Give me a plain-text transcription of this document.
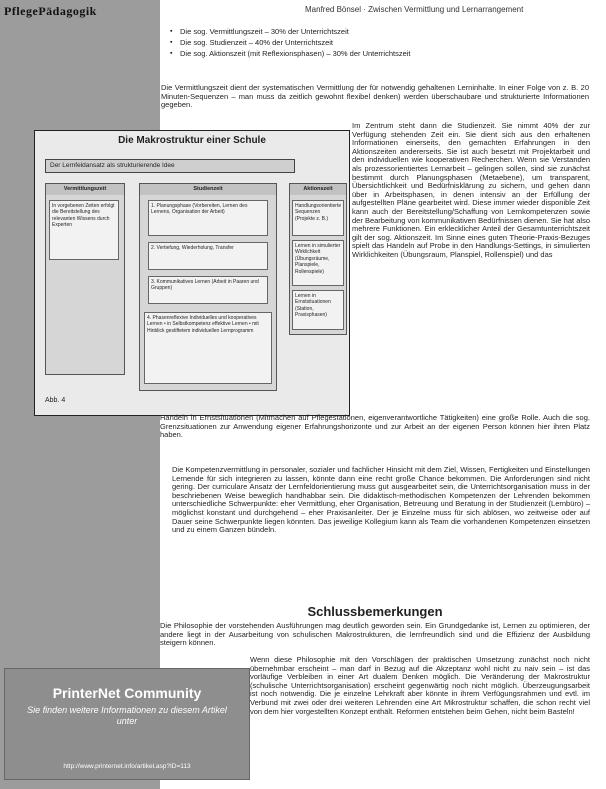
PflegePädagogik	Manfred Bönsel · Zwischen Vermittlung und Lernarrangement
▪ Die sog. Vermittlungszeit – 30% der Unterrichtszeit
▪ Die sog. Studienzeit – 40% der Unterrichtszeit
▪ Die sog. Aktionszeit (mit Reflexionsphasen) – 30% der Unterrichtszeit

Die Vermittlungszeit dient der systematischen Vermittlung der für notwendig gehaltenen Lerninhalte. In einer Folge von z. B. 20 Minuten-Sequenzen – man muss da zeitlich gewohnt flexibel denken) werden überschaubare und strukturierte Informationen gegeben.

Die Makrostruktur einer Schule
Der Lernfeldansatz als strukturierende Idee

Vermittlungszeit

In vorgebenen Zeiten erfolgt die Bereitstellung des relevanten Wissens durch Experten

Studienzeit

1. Planungsphase (Vorbereiten, Lernen des Lernens, Organisation der Arbeit)
2. Vertiefung, Wiederholung, Transfer
3. Kommunikatives Lernen (Arbeit in Paaren und Gruppen)
4. Phasenreflexive Individuelles und kooperatives Lernen • in Selbstkompetenz effektive Lernen • mit Hinblick gestiftetem individuellen Lernprogramm

Aktionszeit

Handlungsorientierte Sequenzen (Projekte z. B.)
Lernen in simulierter Wirklichkeit (Übungsräume, Planspiele, Rollenspiele)
Lernen in Ernstsituationen (Station, Praxisphasen)
Abb. 4

Im Zentrum steht dann die Studienzeit. Sie nimmt 40% der zur Verfügung stehenden Zeit ein. Sie dient sich aus den erhaltenen Informationen einerseits, den gemachten Erfahrungen in den Aktionszeiten andererseits. Sie ist auch besetzt mit Projektarbeit und den individuellen wie kooperativen Recherchen. Wenn sie Verstanden als prozessorientiertes Lernarbeit – gelingen sollen, sind sie zunächst bestimmt durch Planungsphasen (Metaebene), um transparent, Übersichtlichkeit und Bedürfnisklärung zu sichern, und gehen dann über in Arbeitsphasen, in denen intensiv an der Erfüllung der aufgestellten Pläne gearbeitet wird. Diese immer wieder disponible Zeit kann auch der Bereitstellung/Schaffung von Lernkompetenzen sowie der Bearbeitung von kommunikativen Bedürfnissen dienen. Sie hat also mehrere Funktionen. Ein erklecklicher Anteil der Gesamtunterrichtszeit gilt der sog. Aktionszeit. Im Sinne eines guten Theorie-Praxis-Bezuges spielt das Handeln auf Probe in den Handlungs-Settings, in simulierten Wirklichkeiten (Übungsraum, Planspiel, Rollenspiel) und das

Handeln in Ernstsituationen (Mitmachen auf Pflegestationen, eigenverantwortliche Tätigkeiten) eine große Rolle. Auch die sog. Grenzsituationen zur Anwendung eigener Erfahrungshorizonte und zur Arbeit an der eigenen Person können hier ihren Platz haben.

Die Kompetenzvermittlung in personaler, sozialer und fachlicher Hinsicht mit dem Ziel, Wissen, Fertigkeiten und Einstellungen Lernende für sich integrieren zu lassen, könnte dann eine recht große Chance bekommen. Die Anforderungen sind nicht gering. Der curriculare Ansatz der Lernfeldorientierung muss gut ausgearbeitet sein, die Unterrichtsorganisation muss in der beschriebenen Weise beweglich handhabbar sein. Die didaktisch-methodischen Kompetenzen der Lehrenden bekommen unterschiedliche Schwerpunkte: eher Vermittlung, eher Organisation, Betreuung und Beratung in der Studienzeit (Lernbüro) – möglichst konstant und durchgehend – eher Praxisanleiter. Der je Einzelne muss für sich ablösen, wo zeitweise oder auf Dauer seine Schwerpunkte liegen könnten. Das jeweilige Kollegium kann als Team die vorhandenen Kompetenzen einsetzen und zu einem Ganzen bündeln.

Schlussbemerkungen

Die Philosophie der vorstehenden Ausführungen mag deutlich geworden sein. Ein Grundgedanke ist, Lernen zu optimieren, der andere liegt in der Ausarbeitung von schulischen Makrostrukturen, die lernfreundlich sind und die Effizienz der Ausbildung steigern können.

Wenn diese Philosophie mit den Vorschlägen der praktischen Umsetzung zunächst noch nicht übernehmbar erscheint – man darf in Bezug auf die Akzeptanz wohl nicht zu naiv sein – ist das vorläufige Verbleiben in einer Art dualem Denken möglich. Die Veränderung der Makrostruktur (schulische Unterrichtsorganisation) erscheint gegenwärtig noch nicht möglich. Überzeugungsarbeit ist noch notwendig. Die je einzelne Lehrkraft aber könnte in ihrem Verfügungsrahmen und evtl. im Verbund mit zwei oder drei weiteren Lehrenden eine Art Mikrostruktur schaffen, die schon recht viel von dem hier vorgestellten Konzept enthält. Reformen entstehen beim Gehen, nicht beim Basteln!

PrinterNet Community
Sie finden weitere Informationen zu diesem Artikel unter
http://www.printernet.info/artikel.asp?ID=113
